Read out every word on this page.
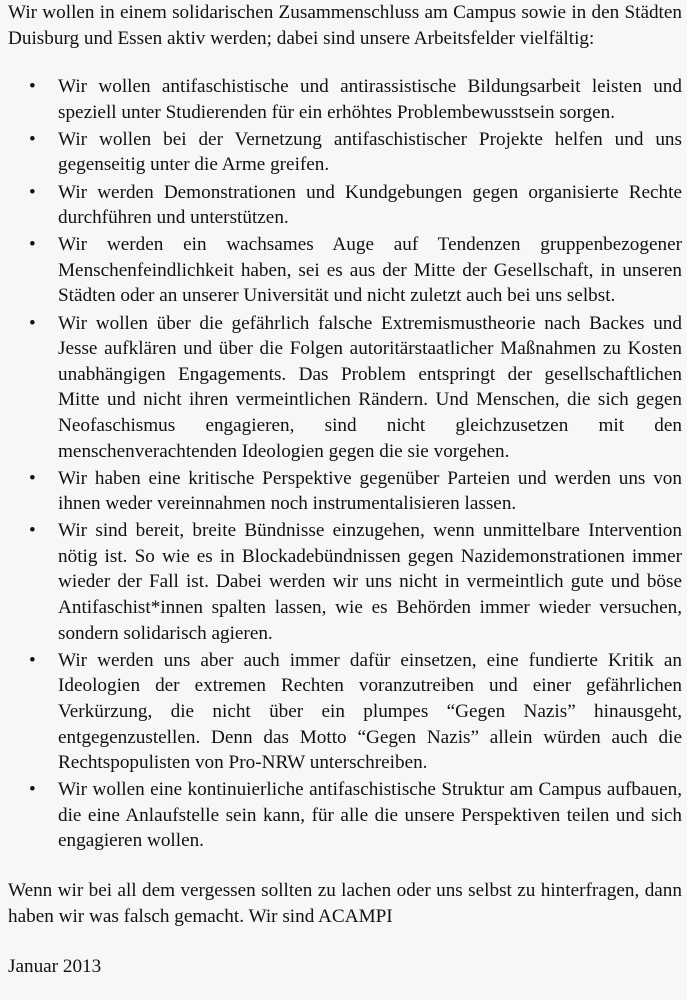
Wir wollen in einem solidarischen Zusammenschluss am Campus sowie in den Städten Duisburg und Essen aktiv werden; dabei sind unsere Arbeitsfelder vielfältig:

• Wir wollen antifaschistische und antirassistische Bildungsarbeit leisten und speziell unter Studierenden für ein erhöhtes Problembewusstsein sorgen.
• Wir wollen bei der Vernetzung antifaschistischer Projekte helfen und uns gegenseitig unter die Arme greifen.
• Wir werden Demonstrationen und Kundgebungen gegen organisierte Rechte durchführen und unterstützen.
• Wir werden ein wachsames Auge auf Tendenzen gruppenbezogener Menschenfeindlichkeit haben, sei es aus der Mitte der Gesellschaft, in unseren Städten oder an unserer Universität und nicht zuletzt auch bei uns selbst.
• Wir wollen über die gefährlich falsche Extremismustheorie nach Backes und Jesse aufklären und über die Folgen autoritärstaatlicher Maßnahmen zu Kosten unabhängigen Engagements. Das Problem entspringt der gesellschaftlichen Mitte und nicht ihren vermeintlichen Rändern. Und Menschen, die sich gegen Neofaschismus engagieren, sind nicht gleichzusetzen mit den menschenverachtenden Ideologien gegen die sie vorgehen.
• Wir haben eine kritische Perspektive gegenüber Parteien und werden uns von ihnen weder vereinnahmen noch instrumentalisieren lassen.
• Wir sind bereit, breite Bündnisse einzugehen, wenn unmittelbare Intervention nötig ist. So wie es in Blockadebündnissen gegen Nazidemonstrationen immer wieder der Fall ist. Dabei werden wir uns nicht in vermeintlich gute und böse Antifaschist*innen spalten lassen, wie es Behörden immer wieder versuchen, sondern solidarisch agieren.
• Wir werden uns aber auch immer dafür einsetzen, eine fundierte Kritik an Ideologien der extremen Rechten voranzutreiben und einer gefährlichen Verkürzung, die nicht über ein plumpes “Gegen Nazis” hinausgeht, entgegenzustellen. Denn das Motto “Gegen Nazis” allein würden auch die Rechtspopulisten von Pro-NRW unterschreiben.
• Wir wollen eine kontinuierliche antifaschistische Struktur am Campus aufbauen, die eine Anlaufstelle sein kann, für alle die unsere Perspektiven teilen und sich engagieren wollen.

Wenn wir bei all dem vergessen sollten zu lachen oder uns selbst zu hinterfragen, dann haben wir was falsch gemacht. Wir sind ACAMPI

Januar 2013
